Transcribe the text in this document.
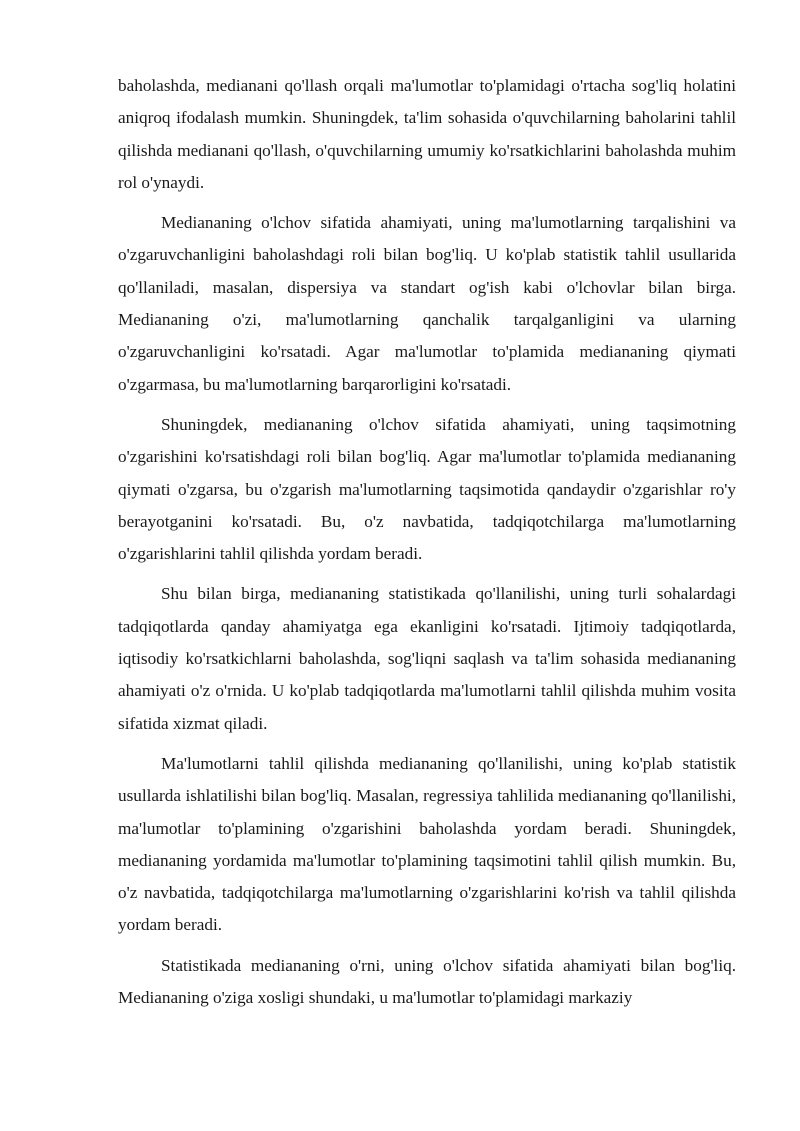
baholashda, medianani qo'llash orqali ma'lumotlar to'plamidagi o'rtacha sog'liq holatini aniqroq ifodalash mumkin. Shuningdek, ta'lim sohasida o'quvchilarning baholarini tahlil qilishda medianani qo'llash, o'quvchilarning umumiy ko'rsatkichlarini baholashda muhim rol o'ynaydi.

Mediananing o'lchov sifatida ahamiyati, uning ma'lumotlarning tarqalishini va o'zgaruvchanligini baholashdagi roli bilan bog'liq. U ko'plab statistik tahlil usullarida qo'llaniladi, masalan, dispersiya va standart og'ish kabi o'lchovlar bilan birga. Mediananing o'zi, ma'lumotlarning qanchalik tarqalganligini va ularning o'zgaruvchanligini ko'rsatadi. Agar ma'lumotlar to'plamida mediananing qiymati o'zgarmasa, bu ma'lumotlarning barqarorligini ko'rsatadi.

Shuningdek, mediananing o'lchov sifatida ahamiyati, uning taqsimotning o'zgarishini ko'rsatishdagi roli bilan bog'liq. Agar ma'lumotlar to'plamida mediananing qiymati o'zgarsa, bu o'zgarish ma'lumotlarning taqsimotida qandaydir o'zgarishlar ro'y berayotganini ko'rsatadi. Bu, o'z navbatida, tadqiqotchilarga ma'lumotlarning o'zgarishlarini tahlil qilishda yordam beradi.

Shu bilan birga, mediananing statistikada qo'llanilishi, uning turli sohalardagi tadqiqotlarda qanday ahamiyatga ega ekanligini ko'rsatadi. Ijtimoiy tadqiqotlarda, iqtisodiy ko'rsatkichlarni baholashda, sog'liqni saqlash va ta'lim sohasida mediananing ahamiyati o'z o'rnida. U ko'plab tadqiqotlarda ma'lumotlarni tahlil qilishda muhim vosita sifatida xizmat qiladi.

Ma'lumotlarni tahlil qilishda mediananing qo'llanilishi, uning ko'plab statistik usullarda ishlatilishi bilan bog'liq. Masalan, regressiya tahlilida mediananing qo'llanilishi, ma'lumotlar to'plamining o'zgarishini baholashda yordam beradi. Shuningdek, mediananing yordamida ma'lumotlar to'plamining taqsimotini tahlil qilish mumkin. Bu, o'z navbatida, tadqiqotchilarga ma'lumotlarning o'zgarishlarini ko'rish va tahlil qilishda yordam beradi.

Statistikada mediananing o'rni, uning o'lchov sifatida ahamiyati bilan bog'liq. Mediananing o'ziga xosligi shundaki, u ma'lumotlar to'plamidagi markaziy
